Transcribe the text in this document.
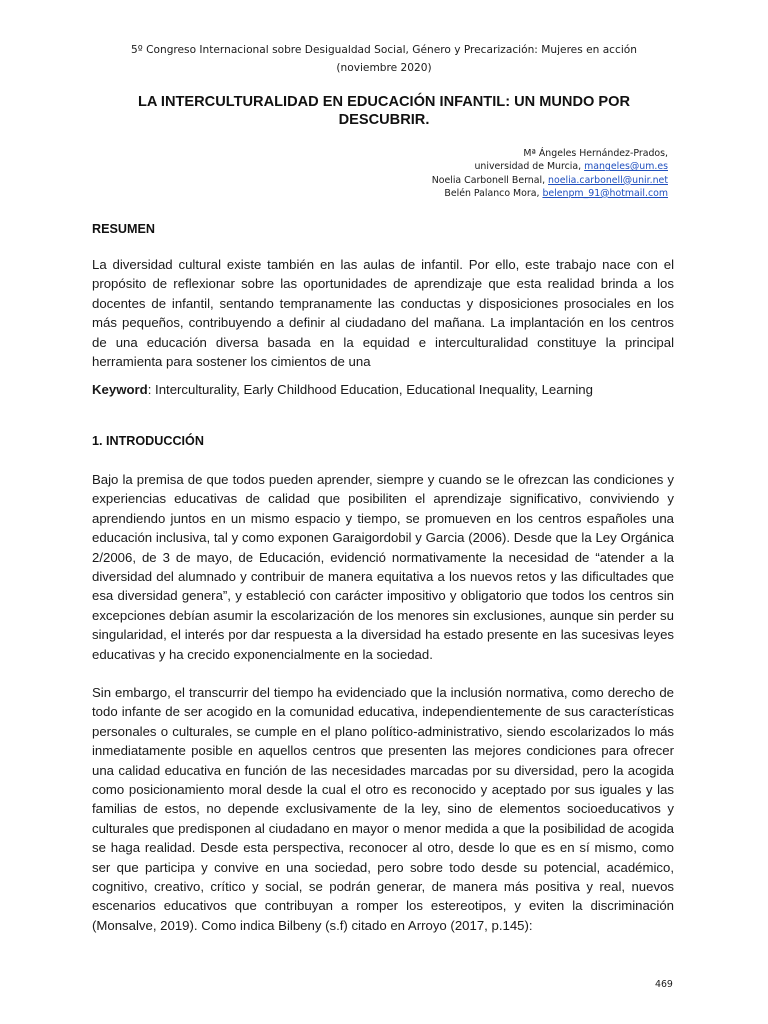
5º Congreso Internacional sobre Desigualdad Social, Género y Precarización: Mujeres en acción
(noviembre 2020)
LA INTERCULTURALIDAD EN EDUCACIÓN INFANTIL: UN MUNDO POR DESCUBRIR.
Mª Ángeles Hernández-Prados,
universidad de Murcia, mangeles@um.es
Noelia Carbonell Bernal, noelia.carbonell@unir.net
Belén Palanco Mora, belenpm_91@hotmail.com
RESUMEN

La diversidad cultural existe también en las aulas de infantil. Por ello, este trabajo nace con el propósito de reflexionar sobre las oportunidades de aprendizaje que esta realidad brinda a los docentes de infantil, sentando tempranamente las conductas y disposiciones prosociales en los más pequeños, contribuyendo a definir al ciudadano del mañana. La implantación en los centros de una educación diversa basada en la equidad e interculturalidad constituye la principal herramienta para sostener los cimientos de una

Keyword: Interculturality, Early Childhood Education, Educational Inequality, Learning

1. INTRODUCCIÓN

Bajo la premisa de que todos pueden aprender, siempre y cuando se le ofrezcan las condiciones y experiencias educativas de calidad que posibiliten el aprendizaje significativo, conviviendo y aprendiendo juntos en un mismo espacio y tiempo, se promueven en los centros españoles una educación inclusiva, tal y como exponen Garaigordobil y Garcia (2006). Desde que la Ley Orgánica 2/2006, de 3 de mayo, de Educación, evidenció normativamente la necesidad de “atender a la diversidad del alumnado y contribuir de manera equitativa a los nuevos retos y las dificultades que esa diversidad genera”, y estableció con carácter impositivo y obligatorio que todos los centros sin excepciones debían asumir la escolarización de los menores sin exclusiones, aunque sin perder su singularidad, el interés por dar respuesta a la diversidad ha estado presente en las sucesivas leyes educativas y ha crecido exponencialmente en la sociedad.

Sin embargo, el transcurrir del tiempo ha evidenciado que la inclusión normativa, como derecho de todo infante de ser acogido en la comunidad educativa, independientemente de sus características personales o culturales, se cumple en el plano político-administrativo, siendo escolarizados lo más inmediatamente posible en aquellos centros que presenten las mejores condiciones para ofrecer una calidad educativa en función de las necesidades marcadas por su diversidad, pero la acogida como posicionamiento moral desde la cual el otro es reconocido y aceptado por sus iguales y las familias de estos, no depende exclusivamente de la ley, sino de elementos socioeducativos y culturales que predisponen al ciudadano en mayor o menor medida a que la posibilidad de acogida se haga realidad. Desde esta perspectiva, reconocer al otro, desde lo que es en sí mismo, como ser que participa y convive en una sociedad, pero sobre todo desde su potencial, académico, cognitivo, creativo, crítico y social, se podrán generar, de manera más positiva y real, nuevos escenarios educativos que contribuyan a romper los estereotipos, y eviten la discriminación (Monsalve, 2019). Como indica Bilbeny (s.f) citado en Arroyo (2017, p.145):

469
